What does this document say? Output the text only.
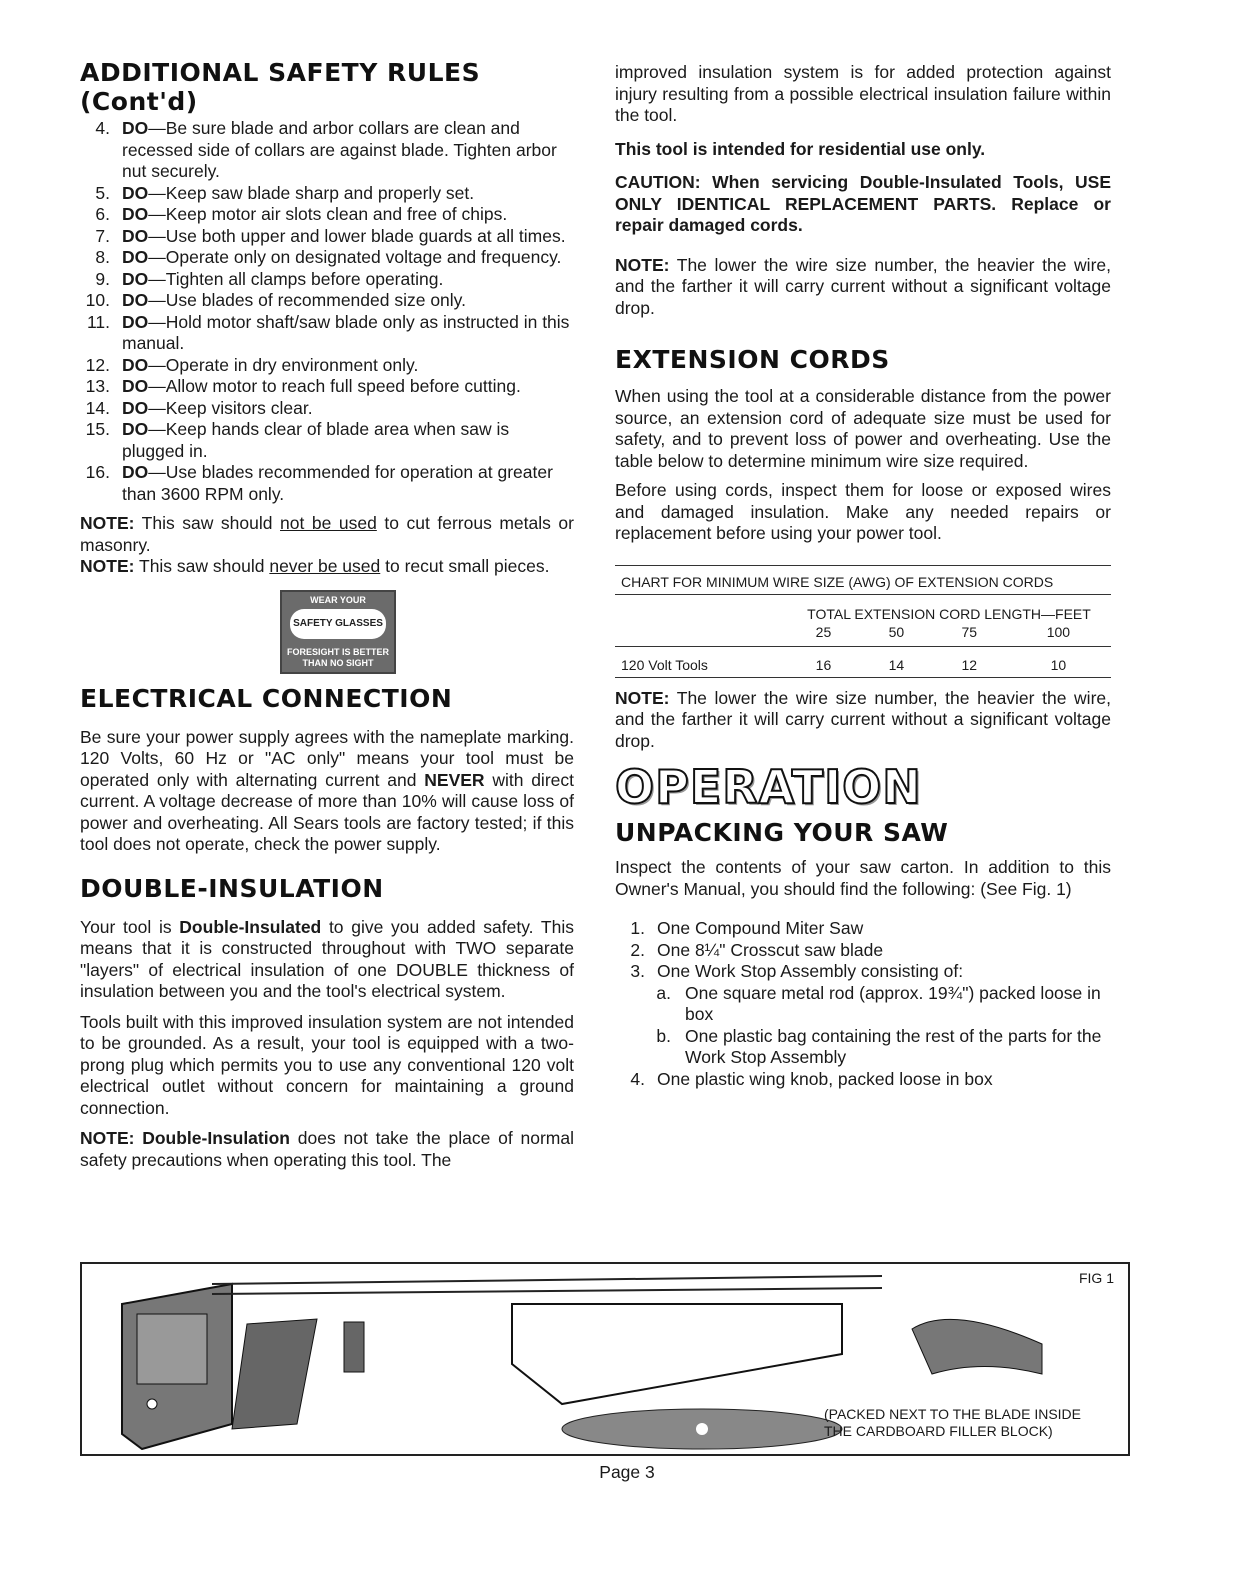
ADDITIONAL SAFETY RULES (Cont'd)
4. DO—Be sure blade and arbor collars are clean and recessed side of collars are against blade. Tighten arbor nut securely.
5. DO—Keep saw blade sharp and properly set.
6. DO—Keep motor air slots clean and free of chips.
7. DO—Use both upper and lower blade guards at all times.
8. DO—Operate only on designated voltage and frequency.
9. DO—Tighten all clamps before operating.
10. DO—Use blades of recommended size only.
11. DO—Hold motor shaft/saw blade only as instructed in this manual.
12. DO—Operate in dry environment only.
13. DO—Allow motor to reach full speed before cutting.
14. DO—Keep visitors clear.
15. DO—Keep hands clear of blade area when saw is plugged in.
16. DO—Use blades recommended for operation at greater than 3600 RPM only.

NOTE: This saw should not be used to cut ferrous metals or masonry.

NOTE: This saw should never be used to recut small pieces.

WEAR YOUR
SAFETY GLASSES
FORESIGHT IS BETTER
THAN NO SIGHT
ELECTRICAL CONNECTION

Be sure your power supply agrees with the nameplate marking. 120 Volts, 60 Hz or "AC only" means your tool must be operated only with alternating current and NEVER with direct current. A voltage decrease of more than 10% will cause loss of power and overheating. All Sears tools are factory tested; if this tool does not operate, check the power supply.

DOUBLE-INSULATION

Your tool is Double-Insulated to give you added safety. This means that it is constructed throughout with TWO separate "layers" of electrical insulation of one DOUBLE thickness of insulation between you and the tool's electrical system.

Tools built with this improved insulation system are not intended to be grounded. As a result, your tool is equipped with a two-prong plug which permits you to use any conventional 120 volt electrical outlet without concern for maintaining a ground connection.

NOTE: Double-Insulation does not take the place of normal safety precautions when operating this tool. The

improved insulation system is for added protection against injury resulting from a possible electrical insulation failure within the tool.

This tool is intended for residential use only.

CAUTION: When servicing Double-Insulated Tools, USE ONLY IDENTICAL REPLACEMENT PARTS. Replace or repair damaged cords.

NOTE: The lower the wire size number, the heavier the wire, and the farther it will carry current without a significant voltage drop.

EXTENSION CORDS

When using the tool at a considerable distance from the power source, an extension cord of adequate size must be used for safety, and to prevent loss of power and overheating. Use the table below to determine minimum wire size required.

Before using cords, inspect them for loose or exposed wires and damaged insulation. Make any needed repairs or replacement before using your power tool.

CHART FOR MINIMUM WIRE SIZE (AWG) OF EXTENSION CORDS
	TOTAL EXTENSION CORD LENGTH—FEET			
	25	50	75	100
120 Volt Tools	16	14	12	10

NOTE: The lower the wire size number, the heavier the wire, and the farther it will carry current without a significant voltage drop.

OPERATION
UNPACKING YOUR SAW

Inspect the contents of your saw carton. In addition to this Owner's Manual, you should find the following: (See Fig. 1)

1. One Compound Miter Saw
2. One 8¼" Crosscut saw blade
3. One Work Stop Assembly consisting of:
a. One square metal rod (approx. 19¾") packed loose in box
b. One plastic bag containing the rest of the parts for the Work Stop Assembly
4. One plastic wing knob, packed loose in box
FIG 1
(PACKED NEXT TO THE BLADE INSIDE
THE CARDBOARD FILLER BLOCK)
Page 3
